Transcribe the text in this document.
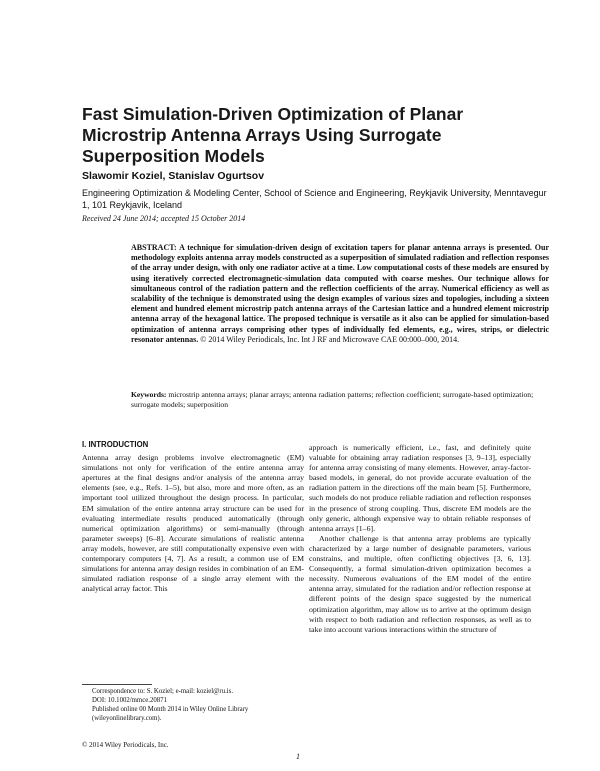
Fast Simulation-Driven Optimization of Planar Microstrip Antenna Arrays Using Surrogate Superposition Models
Slawomir Koziel, Stanislav Ogurtsov
Engineering Optimization & Modeling Center, School of Science and Engineering, Reykjavik University, Menntavegur 1, 101 Reykjavik, Iceland
Received 24 June 2014; accepted 15 October 2014
ABSTRACT: A technique for simulation-driven design of excitation tapers for planar antenna arrays is presented. Our methodology exploits antenna array models constructed as a superposition of simulated radiation and reflection responses of the array under design, with only one radiator active at a time. Low computational costs of these models are ensured by using iteratively corrected electromagnetic-simulation data computed with coarse meshes. Our technique allows for simultaneous control of the radiation pattern and the reflection coefficients of the array. Numerical efficiency as well as scalability of the technique is demonstrated using the design examples of various sizes and topologies, including a sixteen element and hundred element microstrip patch antenna arrays of the Cartesian lattice and a hundred element microstrip antenna array of the hexagonal lattice. The proposed technique is versatile as it also can be applied for simulation-based optimization of antenna arrays comprising other types of individually fed elements, e.g., wires, strips, or dielectric resonator antennas. © 2014 Wiley Periodicals, Inc. Int J RF and Microwave CAE 00:000–000, 2014.
Keywords: microstrip antenna arrays; planar arrays; antenna radiation patterns; reflection coefficient; surrogate-based optimization; surrogate models; superposition

I. INTRODUCTION

Antenna array design problems involve electromagnetic (EM) simulations not only for verification of the entire antenna array apertures at the final designs and/or analysis of the antenna array elements (see, e.g., Refs. 1–5), but also, more and more often, as an important tool utilized throughout the design process. In particular, EM simulation of the entire antenna array structure can be used for evaluating intermediate results produced automatically (through numerical optimization algorithms) or semi-manually (through parameter sweeps) [6–8]. Accurate simulations of realistic antenna array models, however, are still computationally expensive even with contemporary computers [4, 7]. As a result, a common use of EM simulations for antenna array design resides in combination of an EM-simulated radiation response of a single array element with the analytical array factor. This

approach is numerically efficient, i.e., fast, and definitely quite valuable for obtaining array radiation responses [3, 9–13], especially for antenna array consisting of many elements. However, array-factor-based models, in general, do not provide accurate evaluation of the radiation pattern in the directions off the main beam [5]. Furthermore, such models do not produce reliable radiation and reflection responses in the presence of strong coupling. Thus, discrete EM models are the only generic, although expensive way to obtain reliable responses of antenna arrays [1–6].

Another challenge is that antenna array problems are typically characterized by a large number of designable parameters, various constrains, and multiple, often conflicting objectives [3, 6, 13]. Consequently, a formal simulation-driven optimization becomes a necessity. Numerous evaluations of the EM model of the entire antenna array, simulated for the radiation and/or reflection response at different points of the design space suggested by the numerical optimization algorithm, may allow us to arrive at the optimum design with respect to both radiation and reflection responses, as well as to take into account various interactions within the structure of

Correspondence to: S. Koziel; e-mail: koziel@ru.is.
DOI: 10.1002/mmce.20871
Published online 00 Month 2014 in Wiley Online Library (wileyonlinelibrary.com).
© 2014 Wiley Periodicals, Inc.
1
